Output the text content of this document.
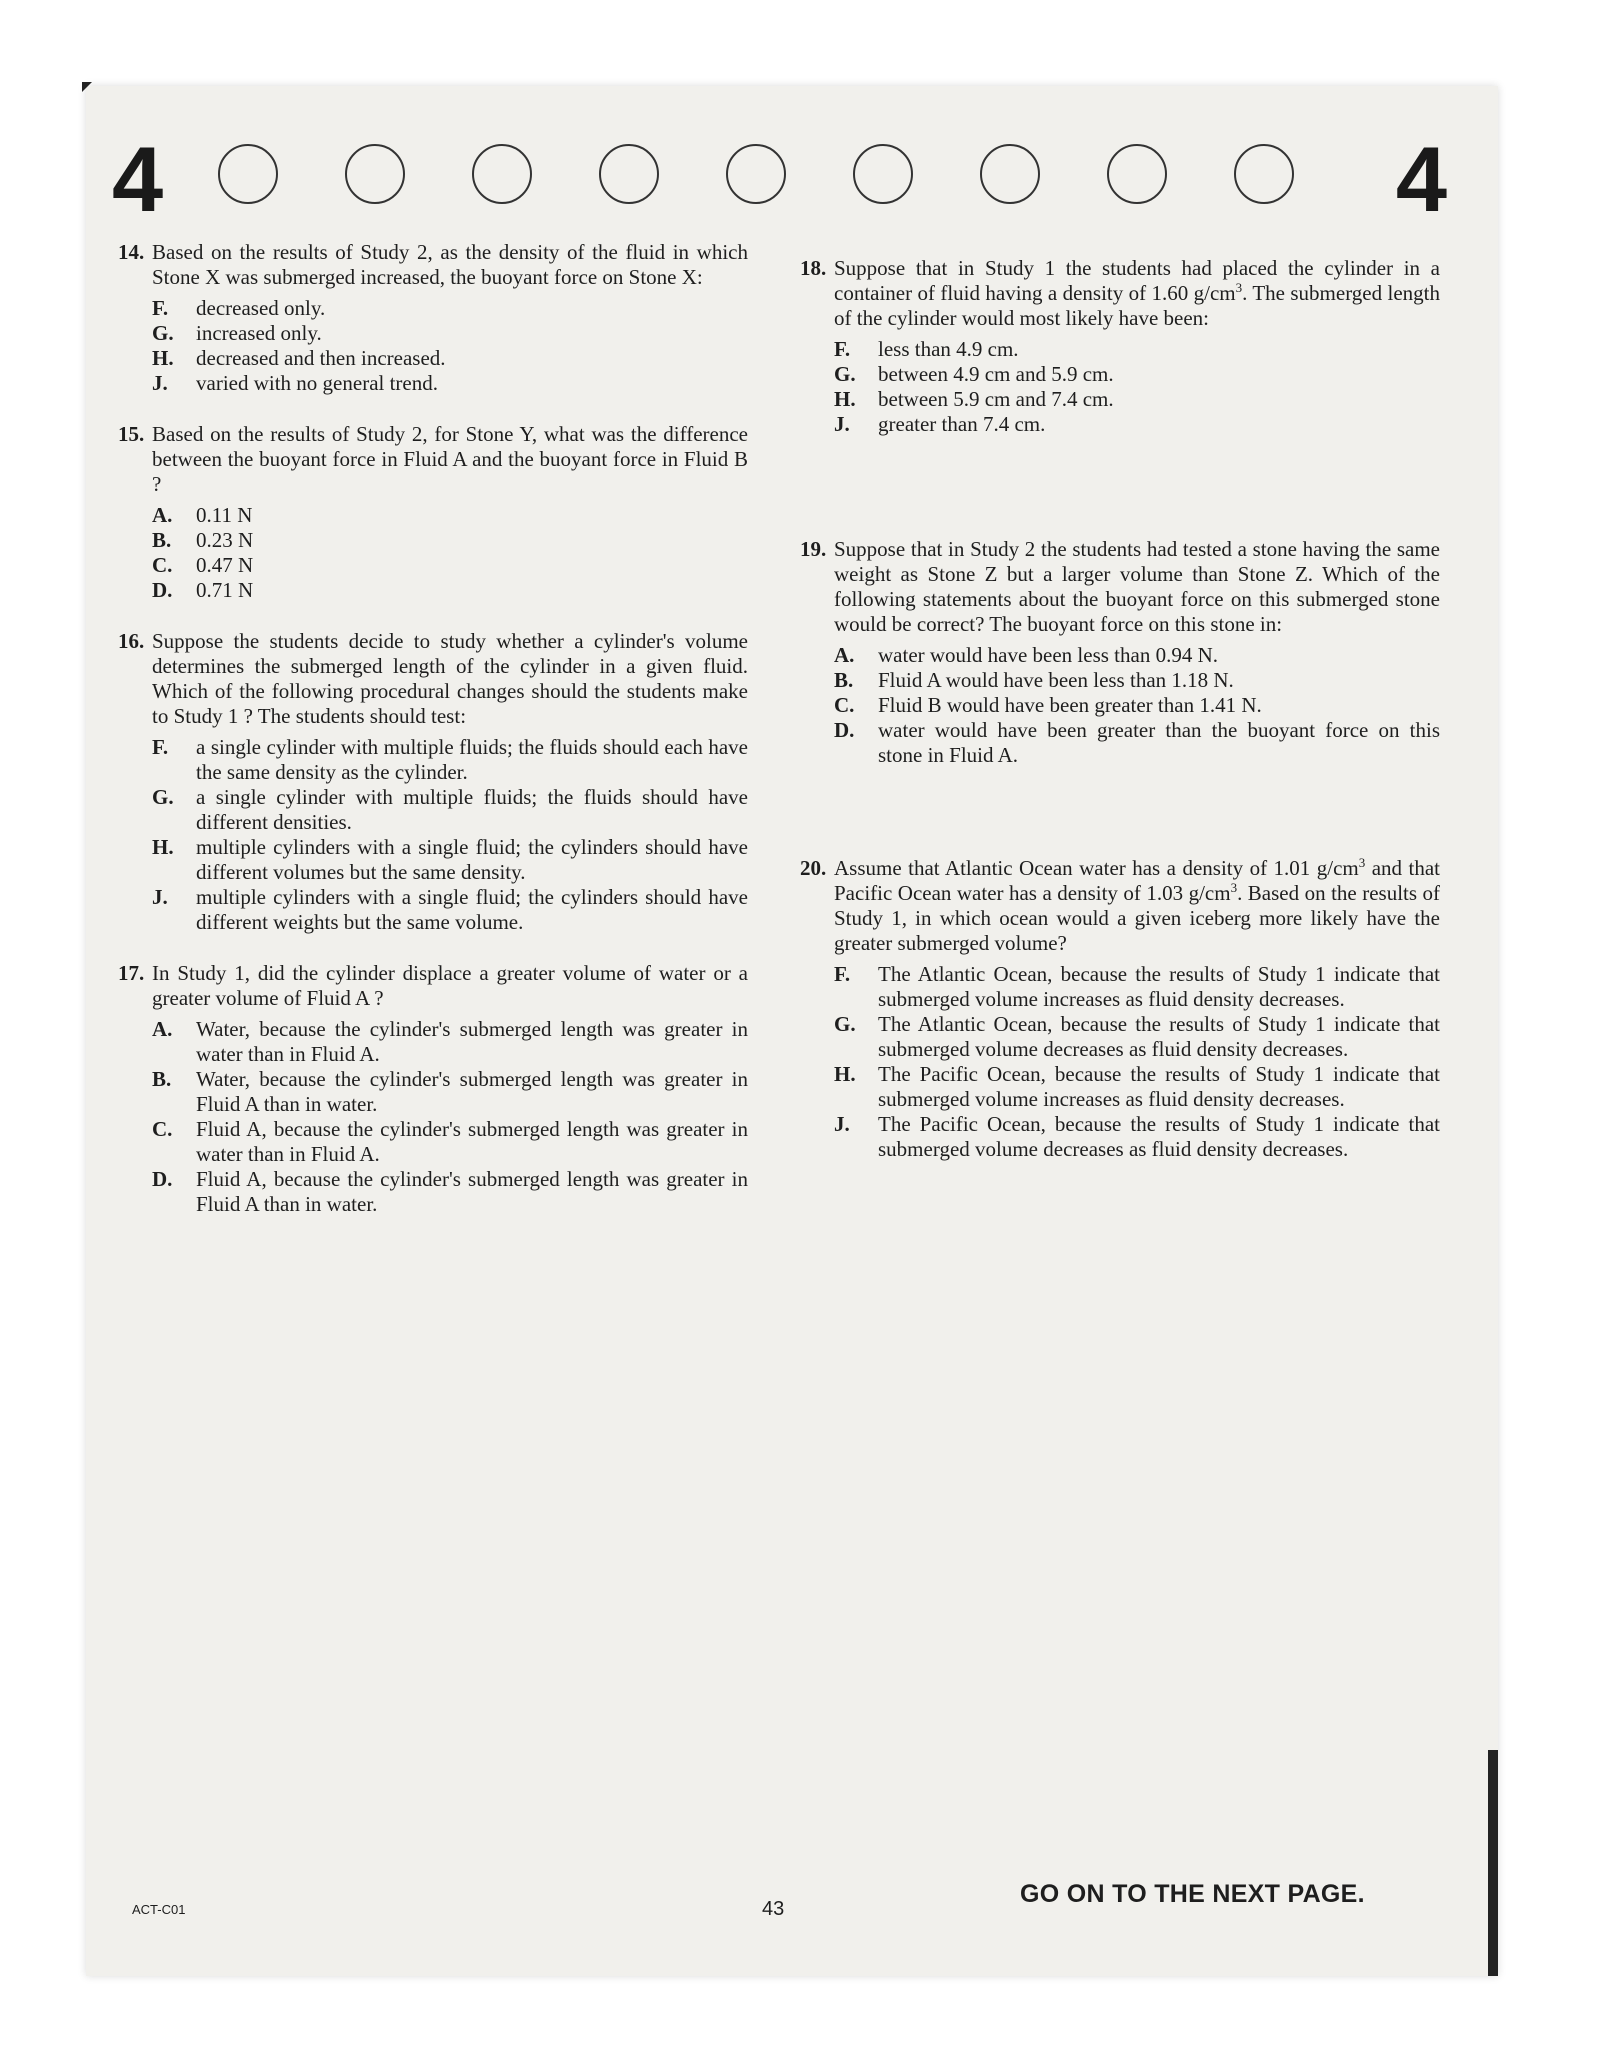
4	4
14. Based on the results of Study 2, as the density of the fluid in which Stone X was submerged increased, the buoyant force on Stone X:
F. decreased only.
G. increased only.
H. decreased and then increased.
J. varied with no general trend.
15. Based on the results of Study 2, for Stone Y, what was the difference between the buoyant force in Fluid A and the buoyant force in Fluid B ?
A. 0.11 N
B. 0.23 N
C. 0.47 N
D. 0.71 N
16. Suppose the students decide to study whether a cylinder's volume determines the submerged length of the cylinder in a given fluid. Which of the following procedural changes should the students make to Study 1 ? The students should test:
F. a single cylinder with multiple fluids; the fluids should each have the same density as the cylinder.
G. a single cylinder with multiple fluids; the fluids should have different densities.
H. multiple cylinders with a single fluid; the cylinders should have different volumes but the same density.
J. multiple cylinders with a single fluid; the cylinders should have different weights but the same volume.
17. In Study 1, did the cylinder displace a greater volume of water or a greater volume of Fluid A ?
A. Water, because the cylinder's submerged length was greater in water than in Fluid A.
B. Water, because the cylinder's submerged length was greater in Fluid A than in water.
C. Fluid A, because the cylinder's submerged length was greater in water than in Fluid A.
D. Fluid A, because the cylinder's submerged length was greater in Fluid A than in water.
18. Suppose that in Study 1 the students had placed the cylinder in a container of fluid having a density of 1.60 $g/cm^3$. The submerged length of the cylinder would most likely have been:
F. less than 4.9 cm.
G. between 4.9 cm and 5.9 cm.
H. between 5.9 cm and 7.4 cm.
J. greater than 7.4 cm.
19. Suppose that in Study 2 the students had tested a stone having the same weight as Stone Z but a larger volume than Stone Z. Which of the following statements about the buoyant force on this submerged stone would be correct? The buoyant force on this stone in:
A. water would have been less than 0.94 N.
B. Fluid A would have been less than 1.18 N.
C. Fluid B would have been greater than 1.41 N.
D. water would have been greater than the buoyant force on this stone in Fluid A.
20. Assume that Atlantic Ocean water has a density of 1.01 $g/cm^3$ and that Pacific Ocean water has a density of 1.03 $g/cm^3$. Based on the results of Study 1, in which ocean would a given iceberg more likely have the greater submerged volume?
F. The Atlantic Ocean, because the results of Study 1 indicate that submerged volume increases as fluid density decreases.
G. The Atlantic Ocean, because the results of Study 1 indicate that submerged volume decreases as fluid density decreases.
H. The Pacific Ocean, because the results of Study 1 indicate that submerged volume increases as fluid density decreases.
J. The Pacific Ocean, because the results of Study 1 indicate that submerged volume decreases as fluid density decreases.
ACT-C01	43
GO ON TO THE NEXT PAGE.
